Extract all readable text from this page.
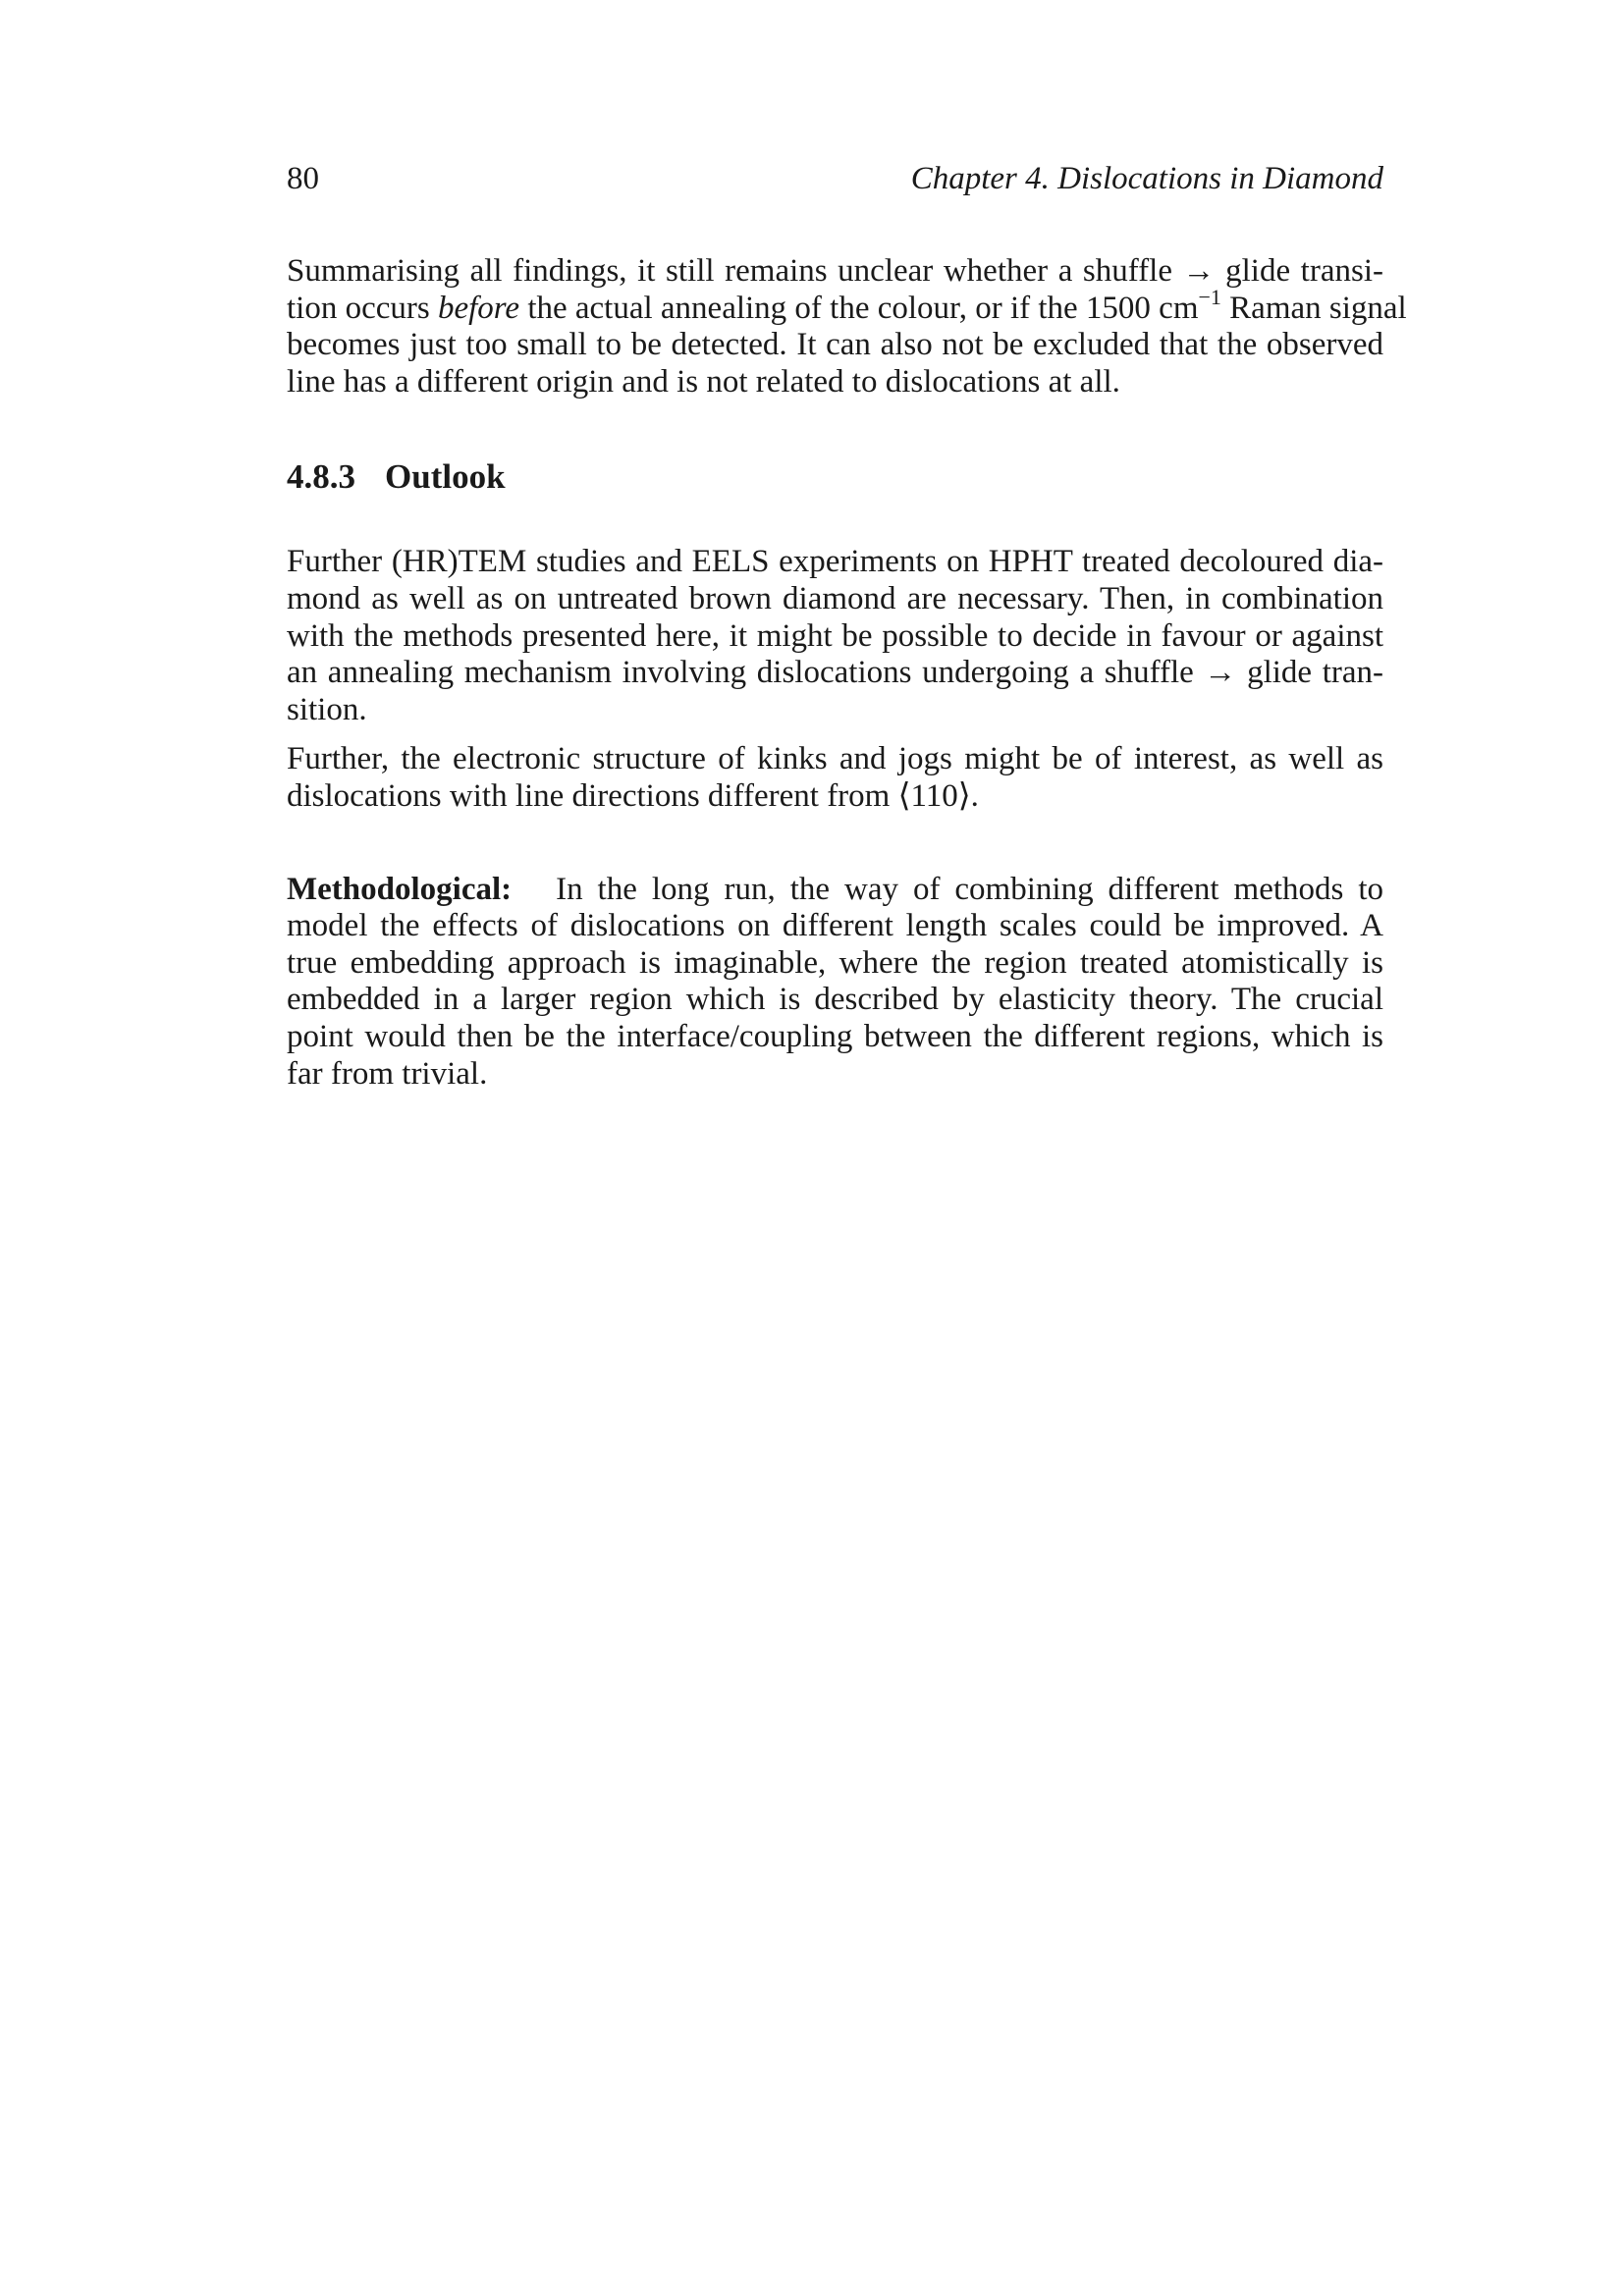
80	Chapter 4. Dislocations in Diamond

Summarising all findings, it still remains unclear whether a shuffle → glide transi-
tion occurs before the actual annealing of the colour, or if the 1500 $cm^{-1}$ Raman signal
becomes just too small to be detected. It can also not be excluded that the observed
line has a different origin and is not related to dislocations at all.

4.8.3 Outlook

Further (HR)TEM studies and EELS experiments on HPHT treated decoloured dia-
mond as well as on untreated brown diamond are necessary. Then, in combination
with the methods presented here, it might be possible to decide in favour or against
an annealing mechanism involving dislocations undergoing a shuffle → glide tran-
sition.

Further, the electronic structure of kinks and jogs might be of interest, as well as
dislocations with line directions different from ⟨110⟩.

Methodological: In the long run, the way of combining different methods to
model the effects of dislocations on different length scales could be improved. A
true embedding approach is imaginable, where the region treated atomistically is
embedded in a larger region which is described by elasticity theory. The crucial
point would then be the interface/coupling between the different regions, which is
far from trivial.
